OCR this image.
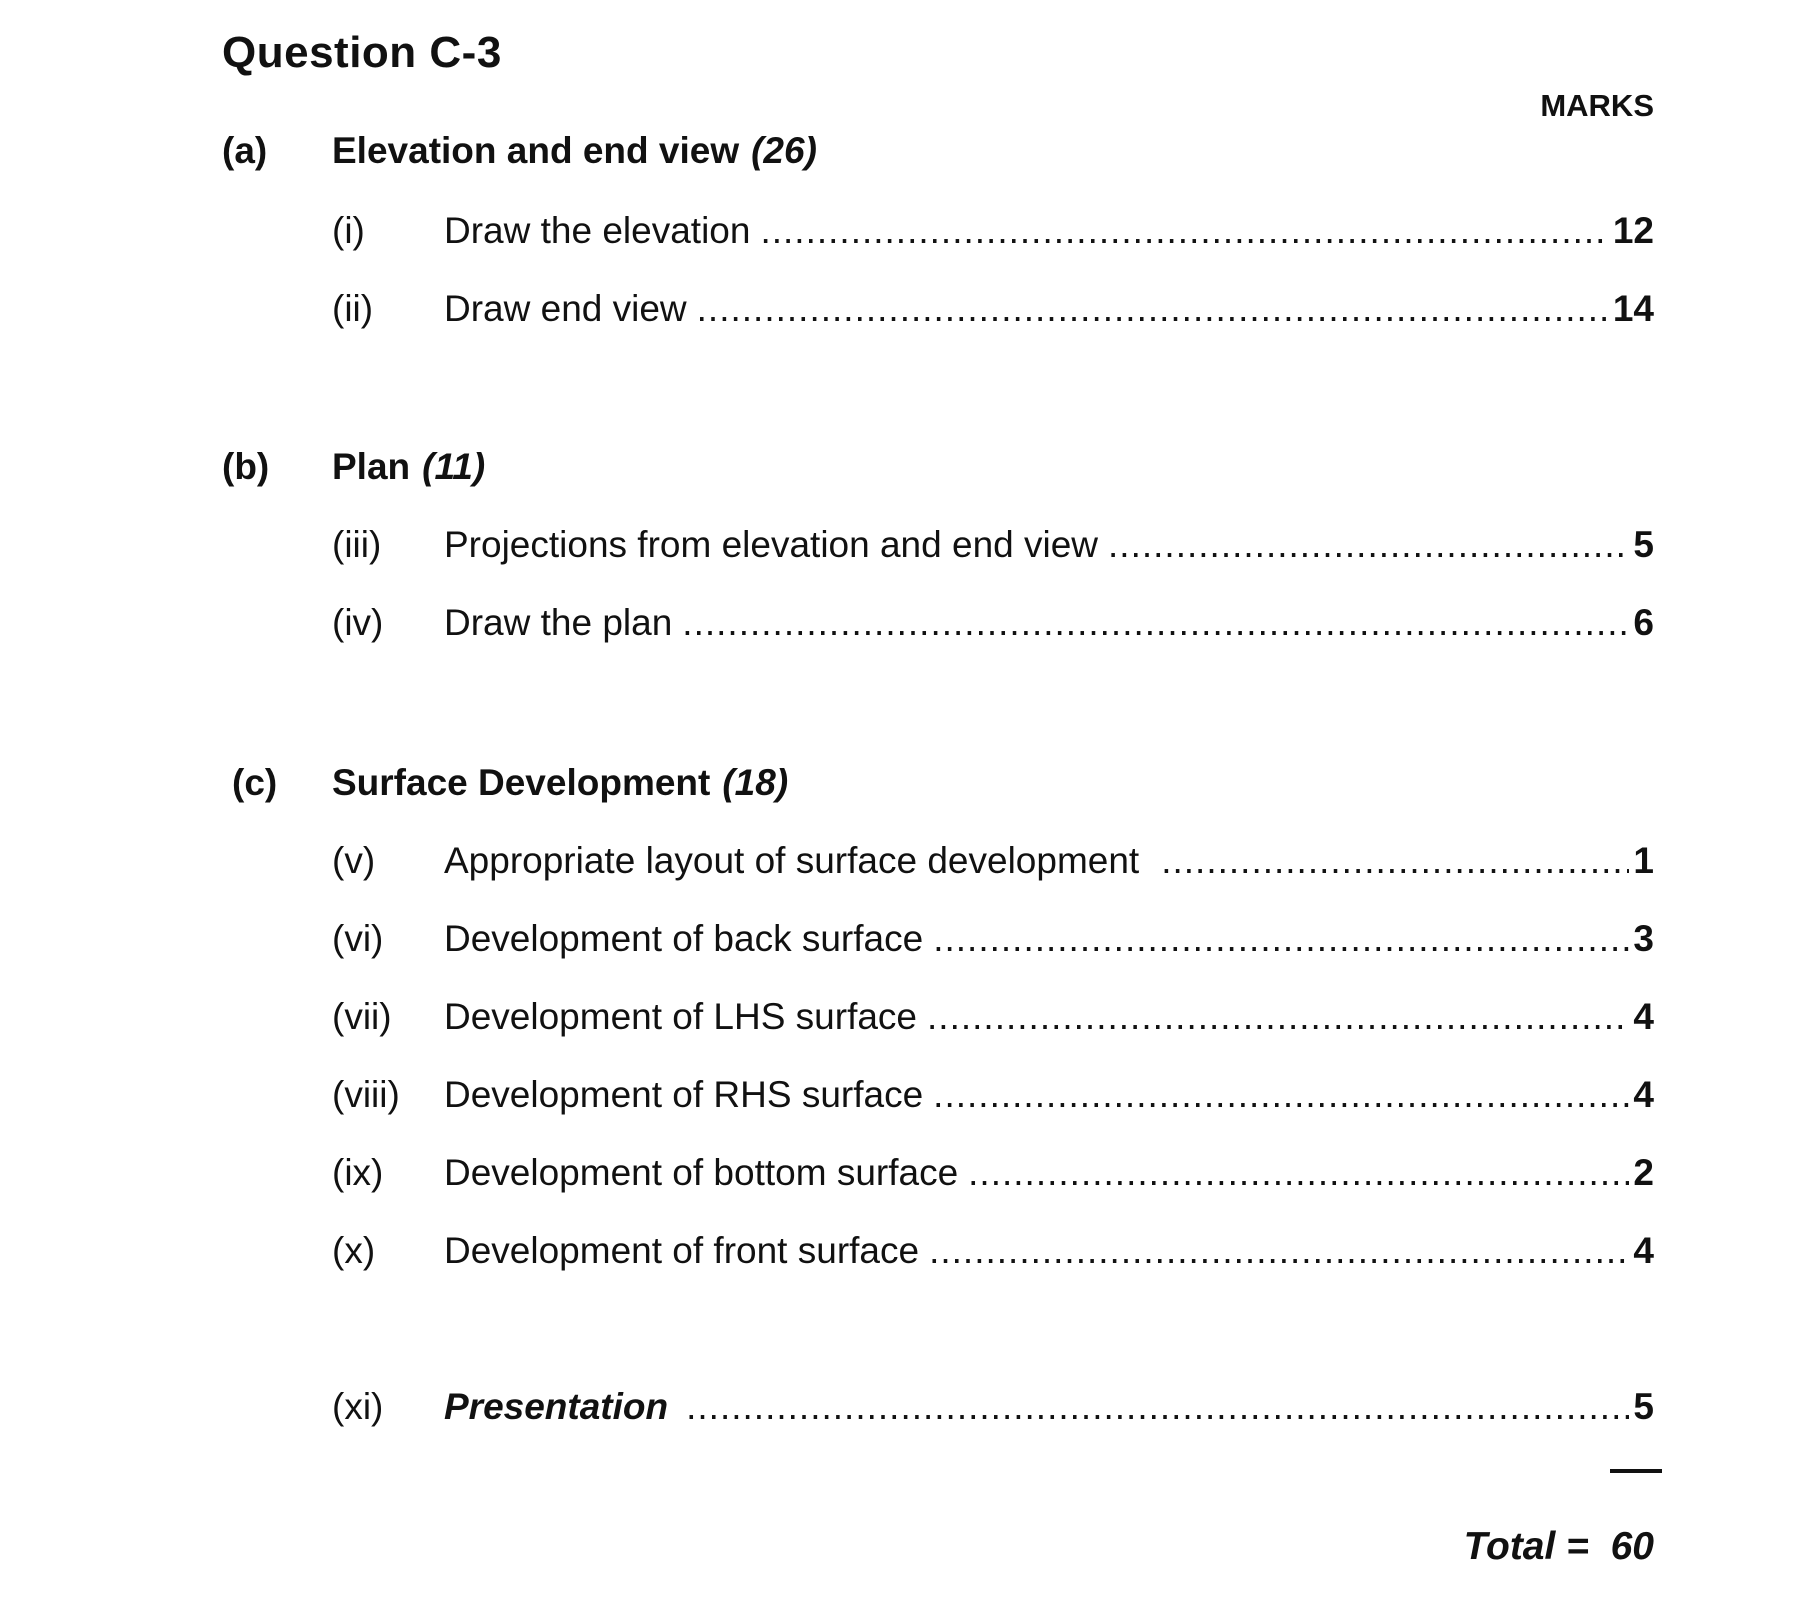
Question C-3
MARKS
(a)	Elevation and end view (26)
(i)	Draw the elevation .....	12
(ii)	Draw end view .....	14
(b)	Plan (11)
(iii)	Projections from elevation and end view .....	5
(iv)	Draw the plan .....	6
(c)	Surface Development (18)
(v)	Appropriate layout of surface development .....	1
(vi)	Development of back surface .....	3
(vii)	Development of LHS surface .....	4
(viii)	Development of RHS surface .....	4
(ix)	Development of bottom surface .....	2
(x)	Development of front surface .....	4
(xi)	Presentation .....	5
Total =  60
